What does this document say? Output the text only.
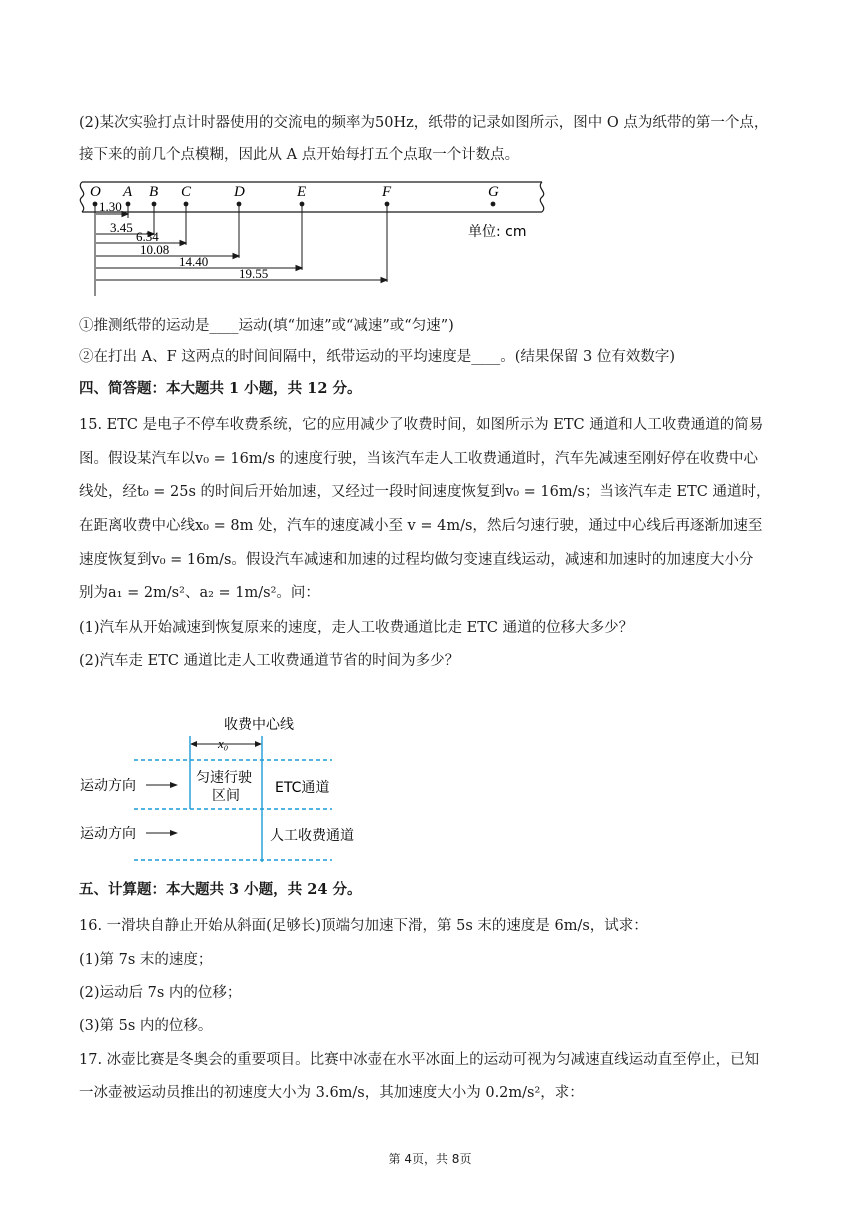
(2)某次实验打点计时器使用的交流电的频率为50Hz，纸带的记录如图所示，图中 O 点为纸带的第一个点，
接下来的前几个点模糊，因此从 A 点开始每打五个点取一个计数点。
O A B C	D	E	F	G
1.30
3.45
6.34
10.08
14.40
19.55
单位: cm
①推测纸带的运动是____运动(填“加速”或“减速”或“匀速”)
②在打出 A、F 这两点的时间间隔中，纸带运动的平均速度是____。(结果保留 3 位有效数字)
四、简答题：本大题共 1 小题，共 12 分。
15. ETC 是电子不停车收费系统，它的应用减少了收费时间，如图所示为 ETC 通道和人工收费通道的简易
图。假设某汽车以v₀ = 16m/s 的速度行驶，当该汽车走人工收费通道时，汽车先减速至刚好停在收费中心
线处，经t₀ = 25s 的时间后开始加速，又经过一段时间速度恢复到v₀ = 16m/s；当该汽车走 ETC 通道时，
在距离收费中心线x₀ = 8m 处，汽车的速度减小至 v = 4m/s，然后匀速行驶，通过中心线后再逐渐加速至
速度恢复到v₀ = 16m/s。假设汽车减速和加速的过程均做匀变速直线运动，减速和加速时的加速度大小分
别为a₁ = 2m/s²、a₂ = 1m/s²。问：
(1)汽车从开始减速到恢复原来的速度，走人工收费通道比走 ETC 通道的位移大多少？
(2)汽车走 ETC 通道比走人工收费通道节省的时间为多少？
收费中心线
x₀
运动方向
运动方向
匀速行驶
区间	ETC通道
人工收费通道
五、计算题：本大题共 3 小题，共 24 分。
16. 一滑块自静止开始从斜面(足够长)顶端匀加速下滑，第 5s 末的速度是 6m/s，试求：
(1)第 7s 末的速度；
(2)运动后 7s 内的位移；
(3)第 5s 内的位移。
17. 冰壶比赛是冬奥会的重要项目。比赛中冰壶在水平冰面上的运动可视为匀减速直线运动直至停止，已知
一冰壶被运动员推出的初速度大小为 3.6m/s，其加速度大小为 0.2m/s²，求：
第 4页，共 8页
